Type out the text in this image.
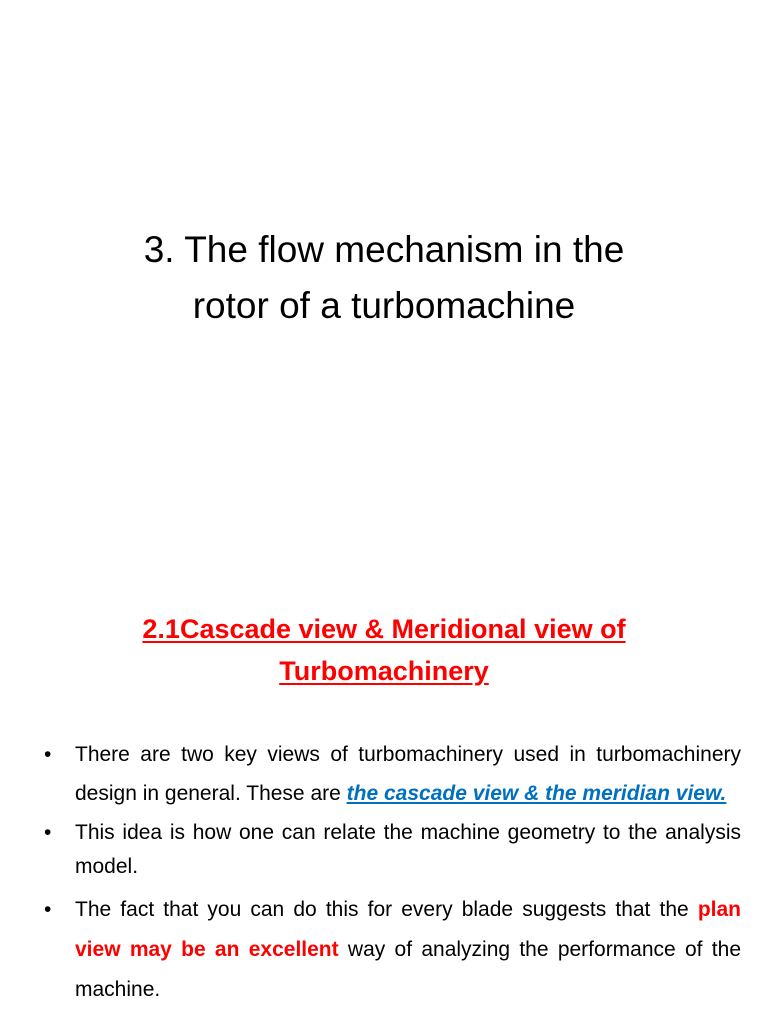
3. The flow mechanism in the
rotor of a turbomachine
2.1Cascade view & Meridional view of
Turbomachinery
• There are two key views of turbomachinery used in turbomachinery design in general. These are the cascade view & the meridian view.
• This idea is how one can relate the machine geometry to the analysis model.
• The fact that you can do this for every blade suggests that the plan view may be an excellent way of analyzing the performance of the machine.
